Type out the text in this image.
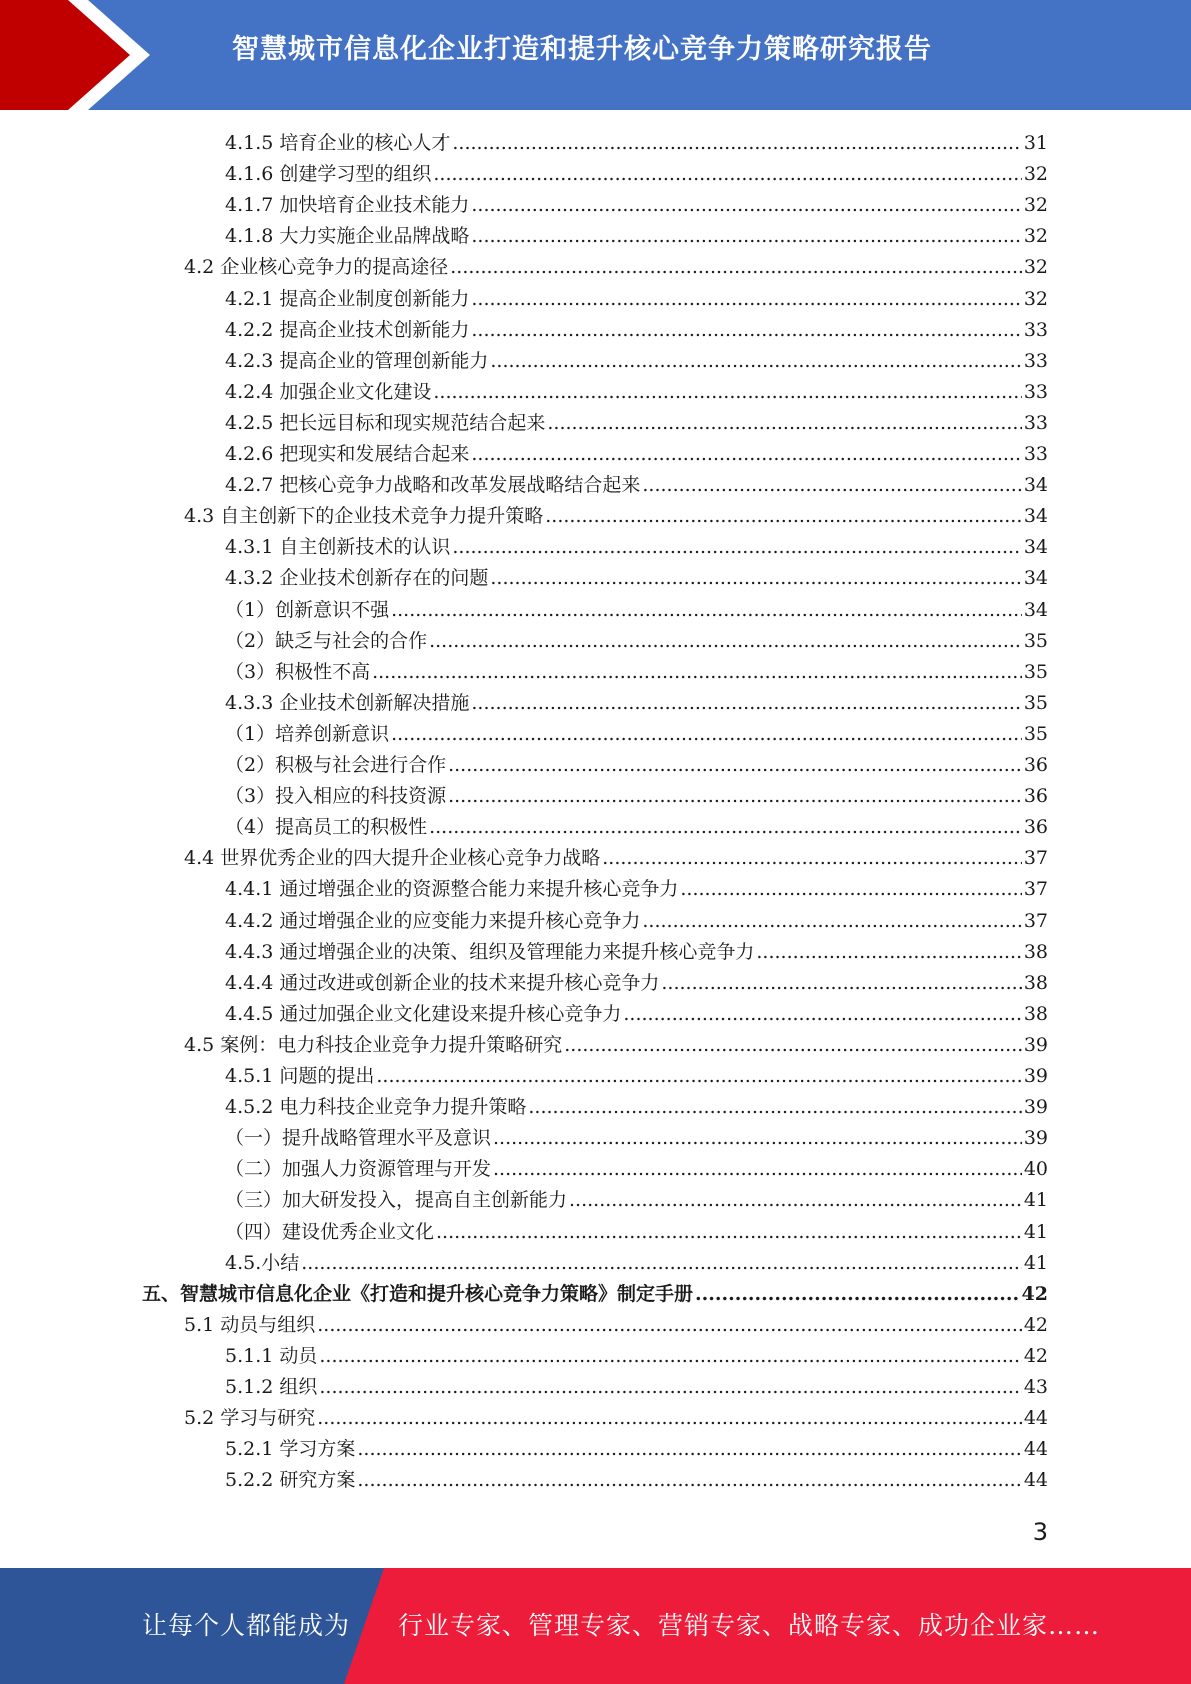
智慧城市信息化企业打造和提升核心竞争力策略研究报告
4.1.5 培育企业的核心人才 .....	31
4.1.6 创建学习型的组织 .....	32
4.1.7 加快培育企业技术能力 .....	32
4.1.8 大力实施企业品牌战略 .....	32
4.2 企业核心竞争力的提高途径 .....	32
4.2.1 提高企业制度创新能力 .....	32
4.2.2 提高企业技术创新能力 .....	33
4.2.3 提高企业的管理创新能力 .....	33
4.2.4 加强企业文化建设 .....	33
4.2.5 把长远目标和现实规范结合起来 .....	33
4.2.6 把现实和发展结合起来 .....	33
4.2.7 把核心竞争力战略和改革发展战略结合起来 .....	34
4.3 自主创新下的企业技术竞争力提升策略 .....	34
4.3.1 自主创新技术的认识 .....	34
4.3.2 企业技术创新存在的问题 .....	34
（1）创新意识不强 .....	34
（2）缺乏与社会的合作 .....	35
（3）积极性不高 .....	35
4.3.3 企业技术创新解决措施 .....	35
（1）培养创新意识 .....	35
（2）积极与社会进行合作 .....	36
（3）投入相应的科技资源 .....	36
（4）提高员工的积极性 .....	36
4.4 世界优秀企业的四大提升企业核心竞争力战略 .....	37
4.4.1 通过增强企业的资源整合能力来提升核心竞争力 .....	37
4.4.2 通过增强企业的应变能力来提升核心竞争力 .....	37
4.4.3 通过增强企业的决策、组织及管理能力来提升核心竞争力 .....	38
4.4.4 通过改进或创新企业的技术来提升核心竞争力 .....	38
4.4.5 通过加强企业文化建设来提升核心竞争力 .....	38
4.5 案例：电力科技企业竞争力提升策略研究 .....	39
4.5.1 问题的提出 .....	39
4.5.2 电力科技企业竞争力提升策略 .....	39
（一）提升战略管理水平及意识 .....	39
（二）加强人力资源管理与开发 .....	40
（三）加大研发投入，提高自主创新能力 .....	41
（四）建设优秀企业文化 .....	41
4.5.小结 .....	41
五、智慧城市信息化企业《打造和提升核心竞争力策略》制定手册 .....	42
5.1 动员与组织 .....	42
5.1.1 动员 .....	42
5.1.2 组织 .....	43
5.2 学习与研究 .....	44
5.2.1 学习方案 .....	44
5.2.2 研究方案 .....	44
3
让每个人都能成为 行业专家、管理专家、营销专家、战略专家、成功企业家……
